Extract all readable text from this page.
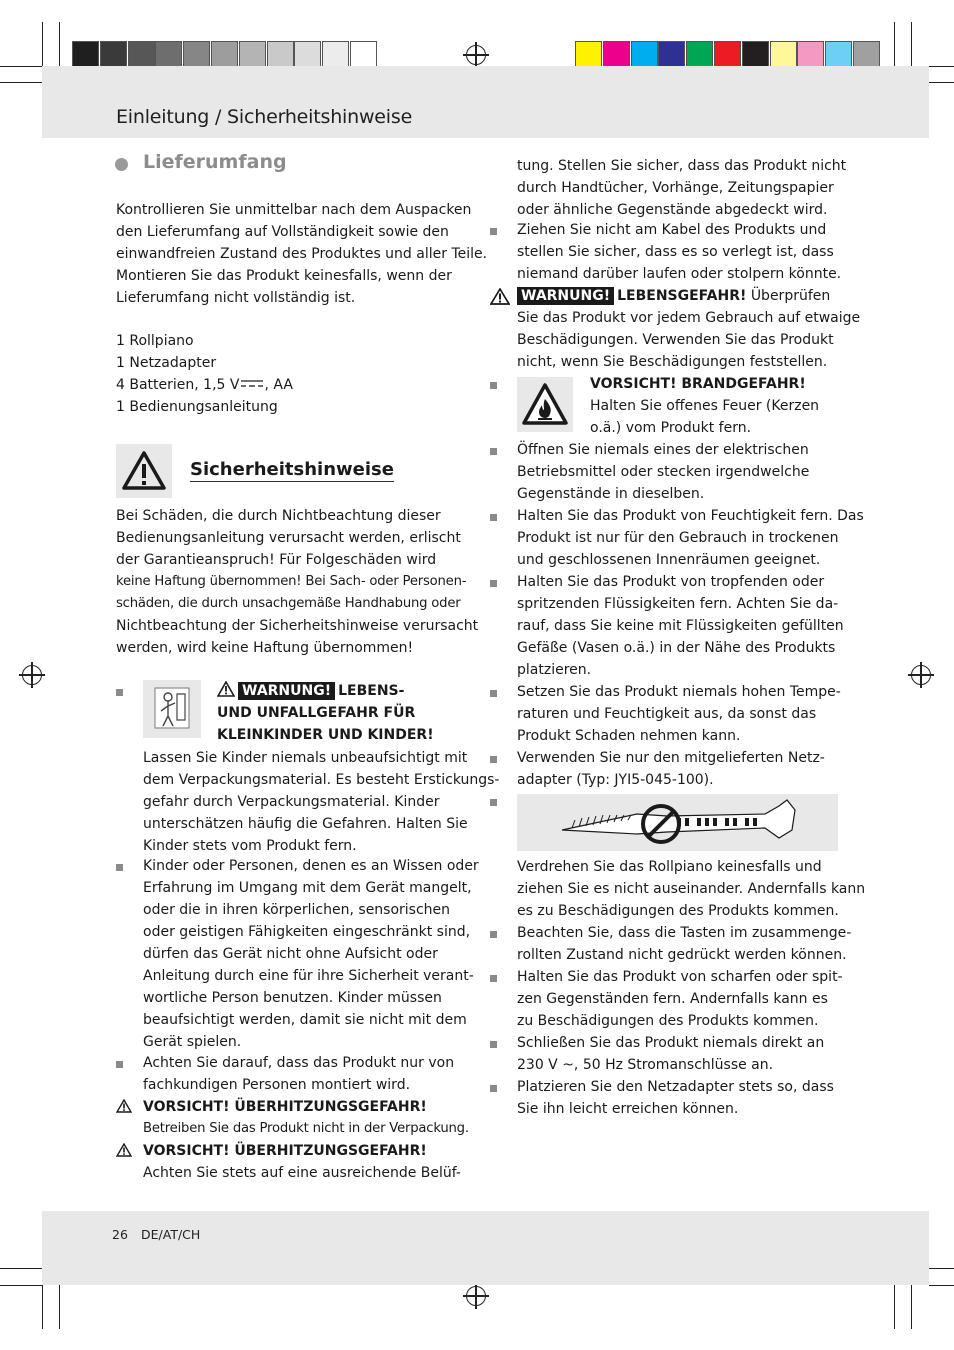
Einleitung / Sicherheitshinweise
Lieferumfang
Kontrollieren Sie unmittelbar nach dem Auspacken
den Lieferumfang auf Vollständigkeit sowie den
einwandfreien Zustand des Produktes und aller Teile.
Montieren Sie das Produkt keinesfalls, wenn der
Lieferumfang nicht vollständig ist.
1 Rollpiano
1 Netzadapter
4 Batterien, 1,5 V , AA
1 Bedienungsanleitung
Sicherheitshinweise
Bei Schäden, die durch Nichtbeachtung dieser
Bedienungsanleitung verursacht werden, erlischt
der Garantieanspruch! Für Folgeschäden wird
keine Haftung übernommen! Bei Sach- oder Personen-
schäden, die durch unsachgemäße Handhabung oder
Nichtbeachtung der Sicherheitshinweise verursacht
werden, wird keine Haftung übernommen!
WARNUNG! LEBENS-
UND UNFALLGEFAHR FÜR
KLEINKINDER UND KINDER!
Lassen Sie Kinder niemals unbeaufsichtigt mit
dem Verpackungsmaterial. Es besteht Erstickungs-
gefahr durch Verpackungsmaterial. Kinder
unterschätzen häufig die Gefahren. Halten Sie
Kinder stets vom Produkt fern.
Kinder oder Personen, denen es an Wissen oder
Erfahrung im Umgang mit dem Gerät mangelt,
oder die in ihren körperlichen, sensorischen
oder geistigen Fähigkeiten eingeschränkt sind,
dürfen das Gerät nicht ohne Aufsicht oder
Anleitung durch eine für ihre Sicherheit verant-
wortliche Person benutzen. Kinder müssen
beaufsichtigt werden, damit sie nicht mit dem
Gerät spielen.
Achten Sie darauf, dass das Produkt nur von
fachkundigen Personen montiert wird.
VORSICHT! ÜBERHITZUNGSGEFAHR!
Betreiben Sie das Produkt nicht in der Verpackung.
VORSICHT! ÜBERHITZUNGSGEFAHR!
Achten Sie stets auf eine ausreichende Belüf-
tung. Stellen Sie sicher, dass das Produkt nicht
durch Handtücher, Vorhänge, Zeitungspapier
oder ähnliche Gegenstände abgedeckt wird.
Ziehen Sie nicht am Kabel des Produkts und
stellen Sie sicher, dass es so verlegt ist, dass
niemand darüber laufen oder stolpern könnte.
WARNUNG! LEBENSGEFAHR! Überprüfen
Sie das Produkt vor jedem Gebrauch auf etwaige
Beschädigungen. Verwenden Sie das Produkt
nicht, wenn Sie Beschädigungen feststellen.
VORSICHT! BRANDGEFAHR!
Halten Sie offenes Feuer (Kerzen
o.ä.) vom Produkt fern.
Öffnen Sie niemals eines der elektrischen
Betriebsmittel oder stecken irgendwelche
Gegenstände in dieselben.
Halten Sie das Produkt von Feuchtigkeit fern. Das
Produkt ist nur für den Gebrauch in trockenen
und geschlossenen Innenräumen geeignet.
Halten Sie das Produkt von tropfenden oder
spritzenden Flüssigkeiten fern. Achten Sie da-
rauf, dass Sie keine mit Flüssigkeiten gefüllten
Gefäße (Vasen o.ä.) in der Nähe des Produkts
platzieren.
Setzen Sie das Produkt niemals hohen Tempe-
raturen und Feuchtigkeit aus, da sonst das
Produkt Schaden nehmen kann.
Verwenden Sie nur den mitgelieferten Netz-
adapter (Typ: JYI5-045-100).
Verdrehen Sie das Rollpiano keinesfalls und
ziehen Sie es nicht auseinander. Andernfalls kann
es zu Beschädigungen des Produkts kommen.
Beachten Sie, dass die Tasten im zusammenge-
rollten Zustand nicht gedrückt werden können.
Halten Sie das Produkt von scharfen oder spit-
zen Gegenständen fern. Andernfalls kann es
zu Beschädigungen des Produkts kommen.
Schließen Sie das Produkt niemals direkt an
230 V ~, 50 Hz Stromanschlüsse an.
Platzieren Sie den Netzadapter stets so, dass
Sie ihn leicht erreichen können.
26 DE/AT/CH
